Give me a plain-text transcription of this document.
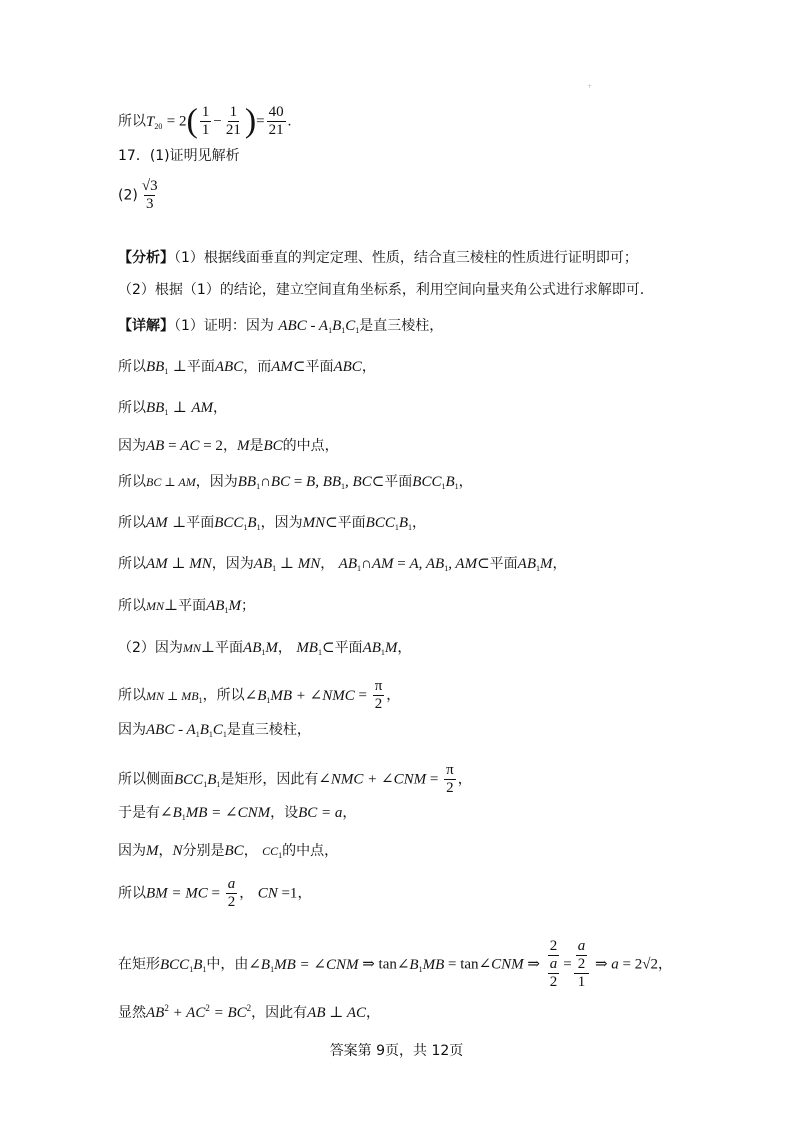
+
所以$T_{20} = 2( \frac{1}{1} - \frac{1}{21}$ )= $\frac{40}{21}$ .
17．(1)证明见解析
$(2) \frac{√3}{3}$
【分析】（1）根据线面垂直的判定定理、性质，结合直三棱柱的性质进行证明即可；
（2）根据（1）的结论，建立空间直角坐标系，利用空间向量夹角公式进行求解即可.
【详解】（1）证明：因为 ABC - $A_1B_1C_1$是直三棱柱，
所以$BB_1$ ⊥平面ABC，而AM⊂平面ABC，
所以$BB_1$ ⊥ AM，
因为AB = AC = 2，M是BC的中点，
所以BC ⊥ AM，因为$BB_1\cap BC = B$, $BB_1$, BC⊂平面$BCC_1B_1$，
所以AM ⊥平面$BCC_1B_1$，因为MN⊂平面$BCC_1B_1$，
所以AM ⊥ MN，因为$AB_1$ ⊥ MN， $AB_1\cap AM = A$, $AB_1$, AM⊂平面$AB_1M$，
所以MN⊥平面$AB_1M$；
（2）因为MN⊥平面$AB_1M$， $MB_1\subset$平面$AB_1M$，
所以MN ⊥ $MB_1$，所以$\angle B_1MB$ + ∠NMC = $\frac{\pi}{2}$ ，
因为ABC - $A_1B_1C_1$是直三棱柱，
所以侧面$BCC_1B_1$是矩形，因此有∠NMC + ∠CNM = $\frac{\pi}{2}$ ，
于是有$\angle B_1MB$ = ∠CNM，设BC = a，
因为M，N分别是BC， $CC_1$的中点，
所以BM = MC = $\frac{a}{2}$ ， CN =1，
在矩形$BCC_1B_1$中，由$\angle B_1MB$ = ∠CNM ⇒ $\tan\angle B_1MB$ = tan∠CNM ⇒ $\frac{2}{\frac{a}{2}} = \frac{\frac{a}{2}}{1}$ ⇒ a = 2√2，
显然$AB^2 + AC^2 = BC^2$，因此有AB ⊥ AC，
答案第 9页，共 12页
